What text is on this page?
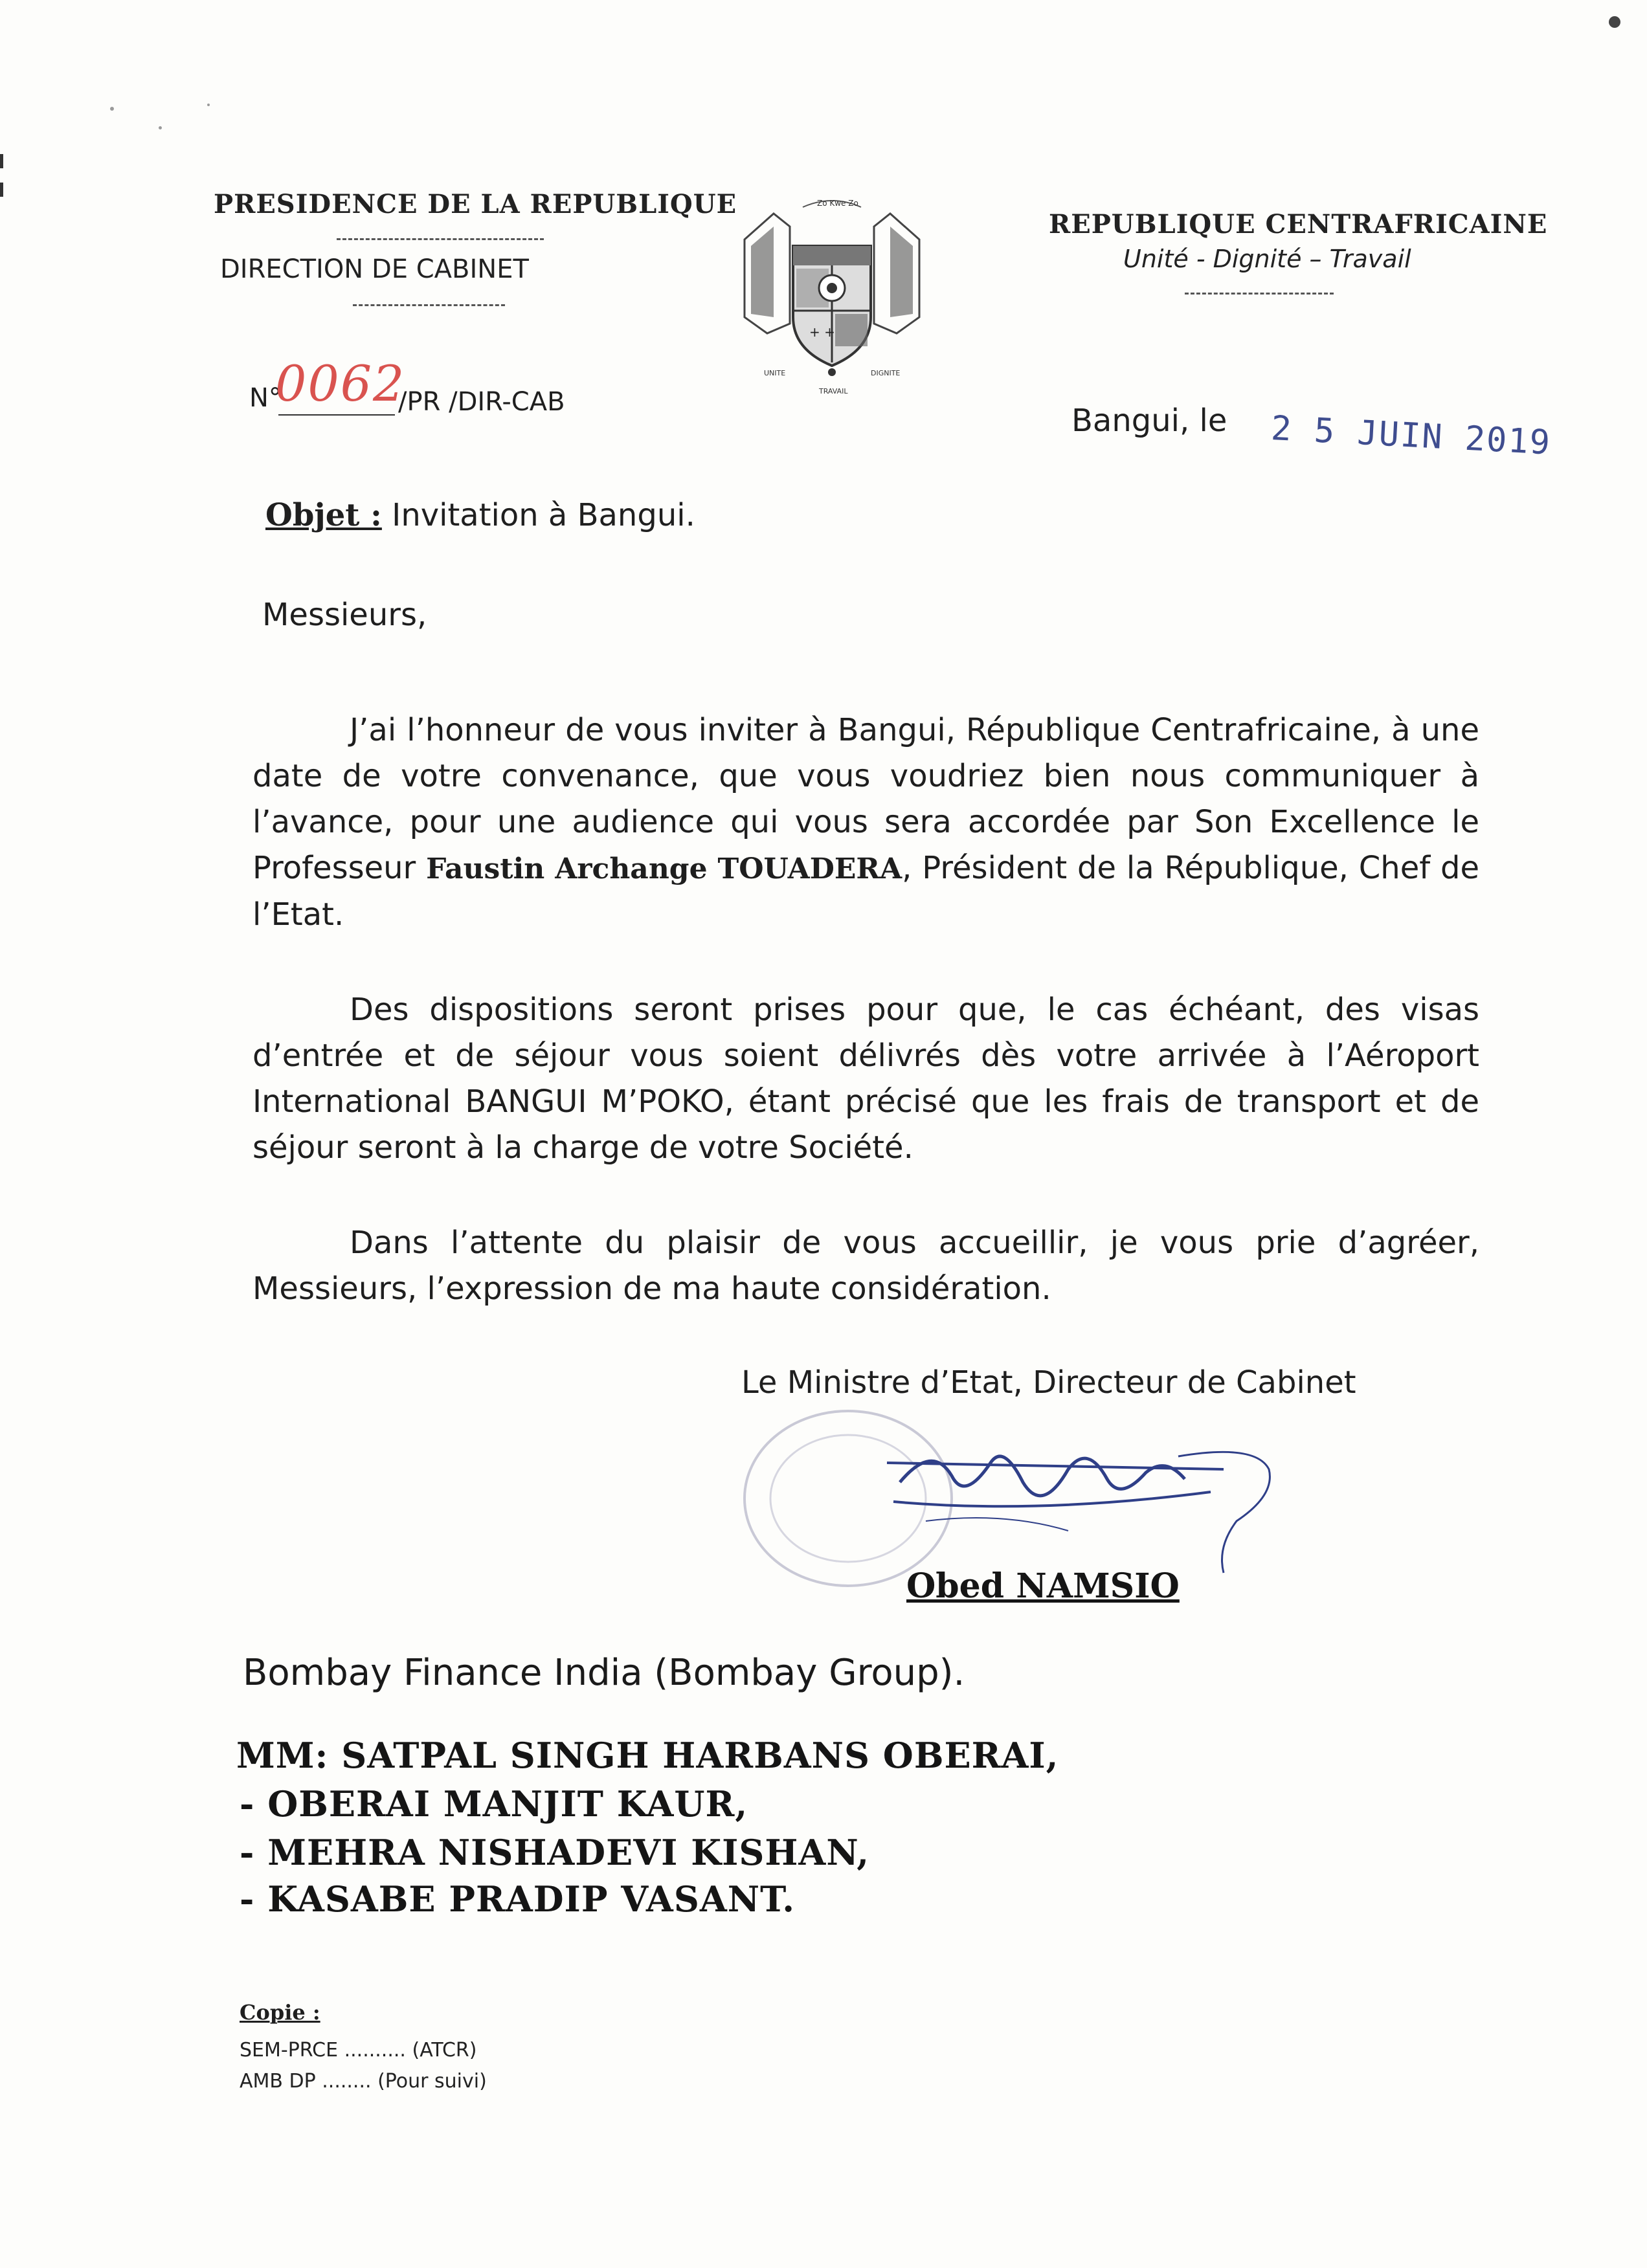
PRESIDENCE DE LA REPUBLIQUE
DIRECTION DE CABINET
+ +
Zo Kwe Zo
UNITE	DIGNITE
TRAVAIL
REPUBLIQUE CENTRAFRICAINE
Unité - Dignité – Travail
N°
0062
/PR /DIR-CAB
Bangui, le 2 5 JUIN 2019
Objet : Invitation à Bangui.
Messieurs,
J’ai l’honneur de vous inviter à Bangui, République Centrafricaine, à une date de votre convenance, que vous voudriez bien nous communiquer à l’avance, pour une audience qui vous sera accordée par Son Excellence le Professeur Faustin Archange TOUADERA, Président de la République, Chef de l’Etat.
Des dispositions seront prises pour que, le cas échéant, des visas d’entrée et de séjour vous soient délivrés dès votre arrivée à l’Aéroport International BANGUI M’POKO, étant précisé que les frais de transport et de séjour seront à la charge de votre Société.
Dans l’attente du plaisir de vous accueillir, je vous prie d’agréer, Messieurs, l’expression de ma haute considération.
Le Ministre d’Etat, Directeur de Cabinet
Obed NAMSIO
Bombay Finance India (Bombay Group).
MM: SATPAL SINGH HARBANS OBERAI,
- OBERAI MANJIT KAUR,
- MEHRA NISHADEVI KISHAN,
- KASABE PRADIP VASANT.
Copie :
SEM-PRCE .......... (ATCR)
AMB DP ........ (Pour suivi)
